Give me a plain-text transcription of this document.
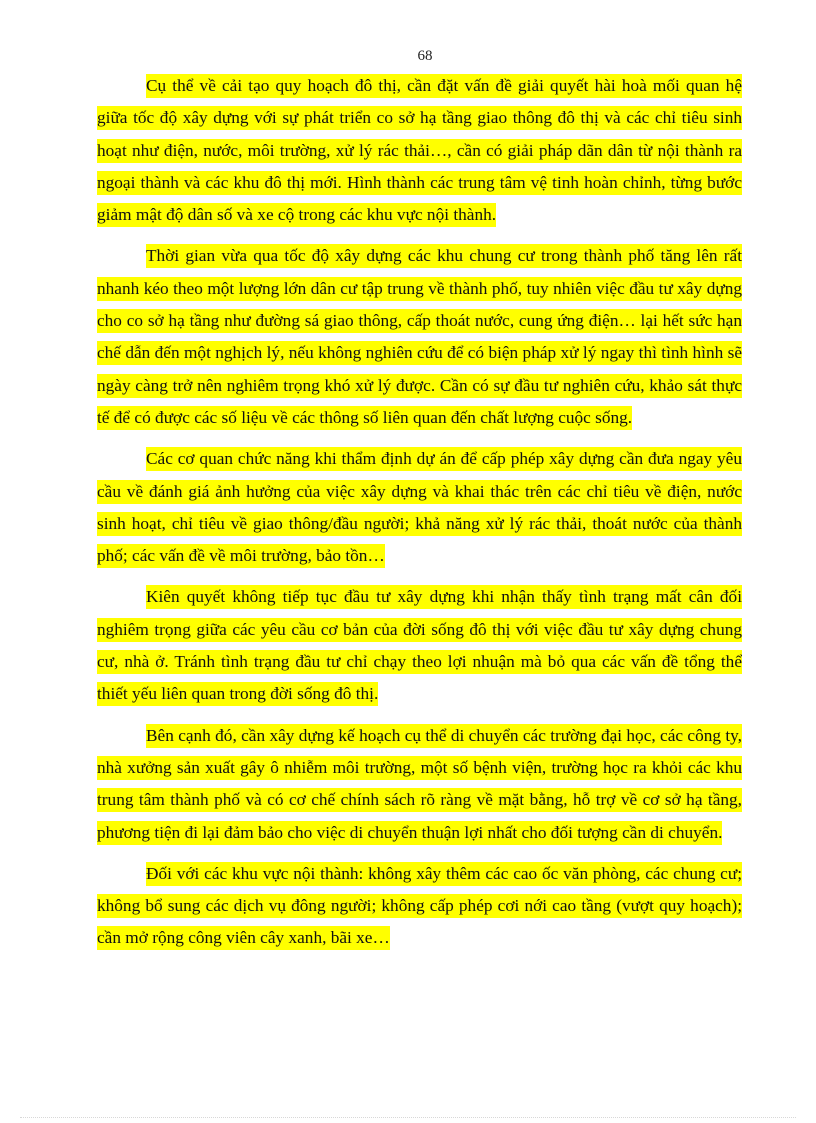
68

Cụ thể về cải tạo quy hoạch đô thị, cần đặt vấn đề giải quyết hài hoà mối quan hệ giữa tốc độ xây dựng với sự phát triển co sở hạ tầng giao thông đô thị và các chỉ tiêu sinh hoạt như điện, nước, môi trường, xử lý rác thải…, cần có giải pháp dãn dân từ nội thành ra ngoại thành và các khu đô thị mới. Hình thành các trung tâm vệ tinh hoàn chỉnh, từng bước giảm mật độ dân số và xe cộ trong các khu vực nội thành.

Thời gian vừa qua tốc độ xây dựng các khu chung cư trong thành phố tăng lên rất nhanh kéo theo một lượng lớn dân cư tập trung về thành phố, tuy nhiên việc đầu tư xây dựng cho co sở hạ tầng như đường sá giao thông, cấp thoát nước, cung ứng điện… lại hết sức hạn chế dẫn đến một nghịch lý, nếu không nghiên cứu để có biện pháp xử lý ngay thì tình hình sẽ ngày càng trở nên nghiêm trọng khó xử lý được. Cần có sự đầu tư nghiên cứu, khảo sát thực tế để có được các số liệu về các thông số liên quan đến chất lượng cuộc sống.

Các cơ quan chức năng khi thẩm định dự án để cấp phép xây dựng cần đưa ngay yêu cầu về đánh giá ảnh hưởng của việc xây dựng và khai thác trên các chỉ tiêu về điện, nước sinh hoạt, chỉ tiêu về giao thông/đầu người; khả năng xử lý rác thải, thoát nước của thành phố; các vấn đề về môi trường, bảo tồn…

Kiên quyết không tiếp tục đầu tư xây dựng khi nhận thấy tình trạng mất cân đối nghiêm trọng giữa các yêu cầu cơ bản của đời sống đô thị với việc đầu tư xây dựng chung cư, nhà ở. Tránh tình trạng đầu tư chỉ chạy theo lợi nhuận mà bỏ qua các vấn đề tổng thể thiết yếu liên quan trong đời sống đô thị.

Bên cạnh đó, cần xây dựng kế hoạch cụ thể di chuyển các trường đại học, các công ty, nhà xưởng sản xuất gây ô nhiễm môi trường, một số bệnh viện, trường học ra khỏi các khu trung tâm thành phố và có cơ chế chính sách rõ ràng về mặt bằng, hỗ trợ về cơ sở hạ tầng, phương tiện đi lại đảm bảo cho việc di chuyển thuận lợi nhất cho đối tượng cần di chuyển.

Đối với các khu vực nội thành: không xây thêm các cao ốc văn phòng, các chung cư; không bổ sung các dịch vụ đông người; không cấp phép cơi nới cao tầng (vượt quy hoạch); cần mở rộng công viên cây xanh, bãi xe…
